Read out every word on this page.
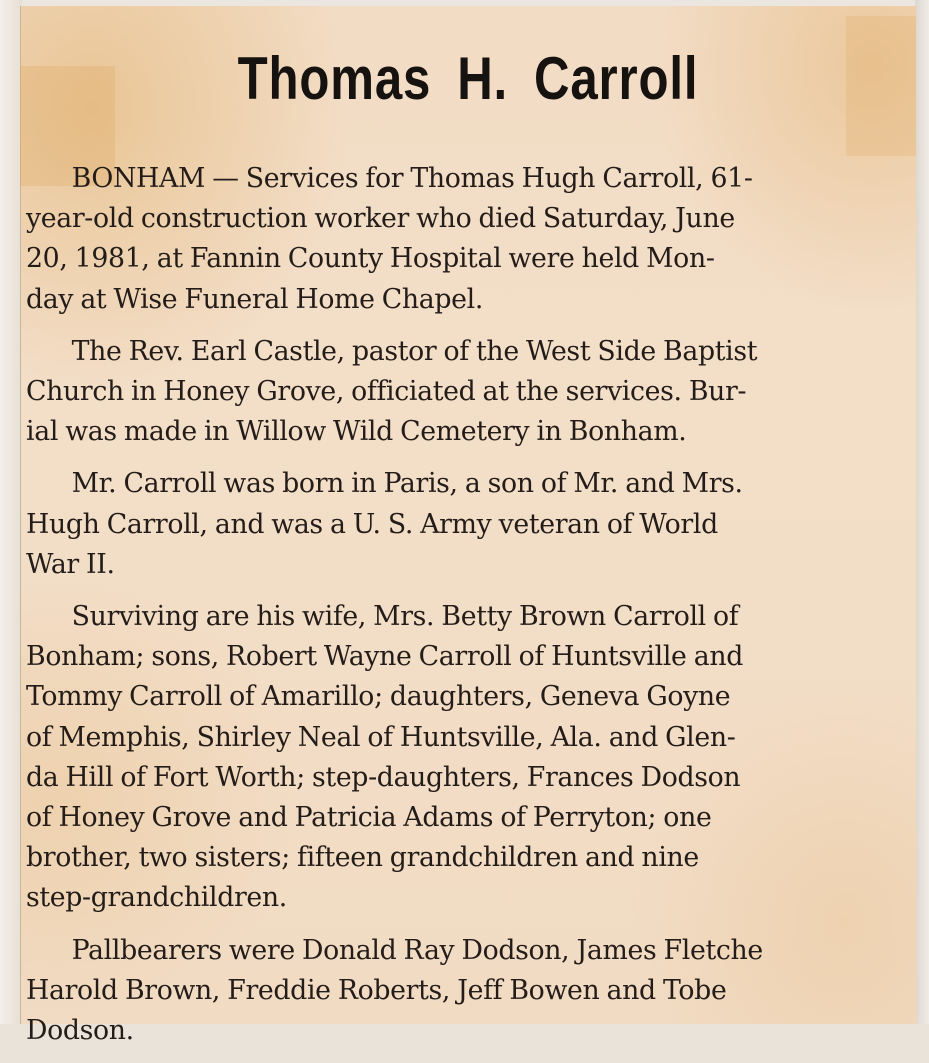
Thomas H. Carroll

BONHAM — Services for Thomas Hugh Carroll, 61-
year-old construction worker who died Saturday, June
20, 1981, at Fannin County Hospital were held Mon-
day at Wise Funeral Home Chapel.

The Rev. Earl Castle, pastor of the West Side Baptist
Church in Honey Grove, officiated at the services. Bur-
ial was made in Willow Wild Cemetery in Bonham.

Mr. Carroll was born in Paris, a son of Mr. and Mrs.
Hugh Carroll, and was a U. S. Army veteran of World
War II.

Surviving are his wife, Mrs. Betty Brown Carroll of
Bonham; sons, Robert Wayne Carroll of Huntsville and
Tommy Carroll of Amarillo; daughters, Geneva Goyne
of Memphis, Shirley Neal of Huntsville, Ala. and Glen-
da Hill of Fort Worth; step-daughters, Frances Dodson
of Honey Grove and Patricia Adams of Perryton; one
brother, two sisters; fifteen grandchildren and nine
step-grandchildren.

Pallbearers were Donald Ray Dodson, James Fletche
Harold Brown, Freddie Roberts, Jeff Bowen and Tobe
Dodson.
